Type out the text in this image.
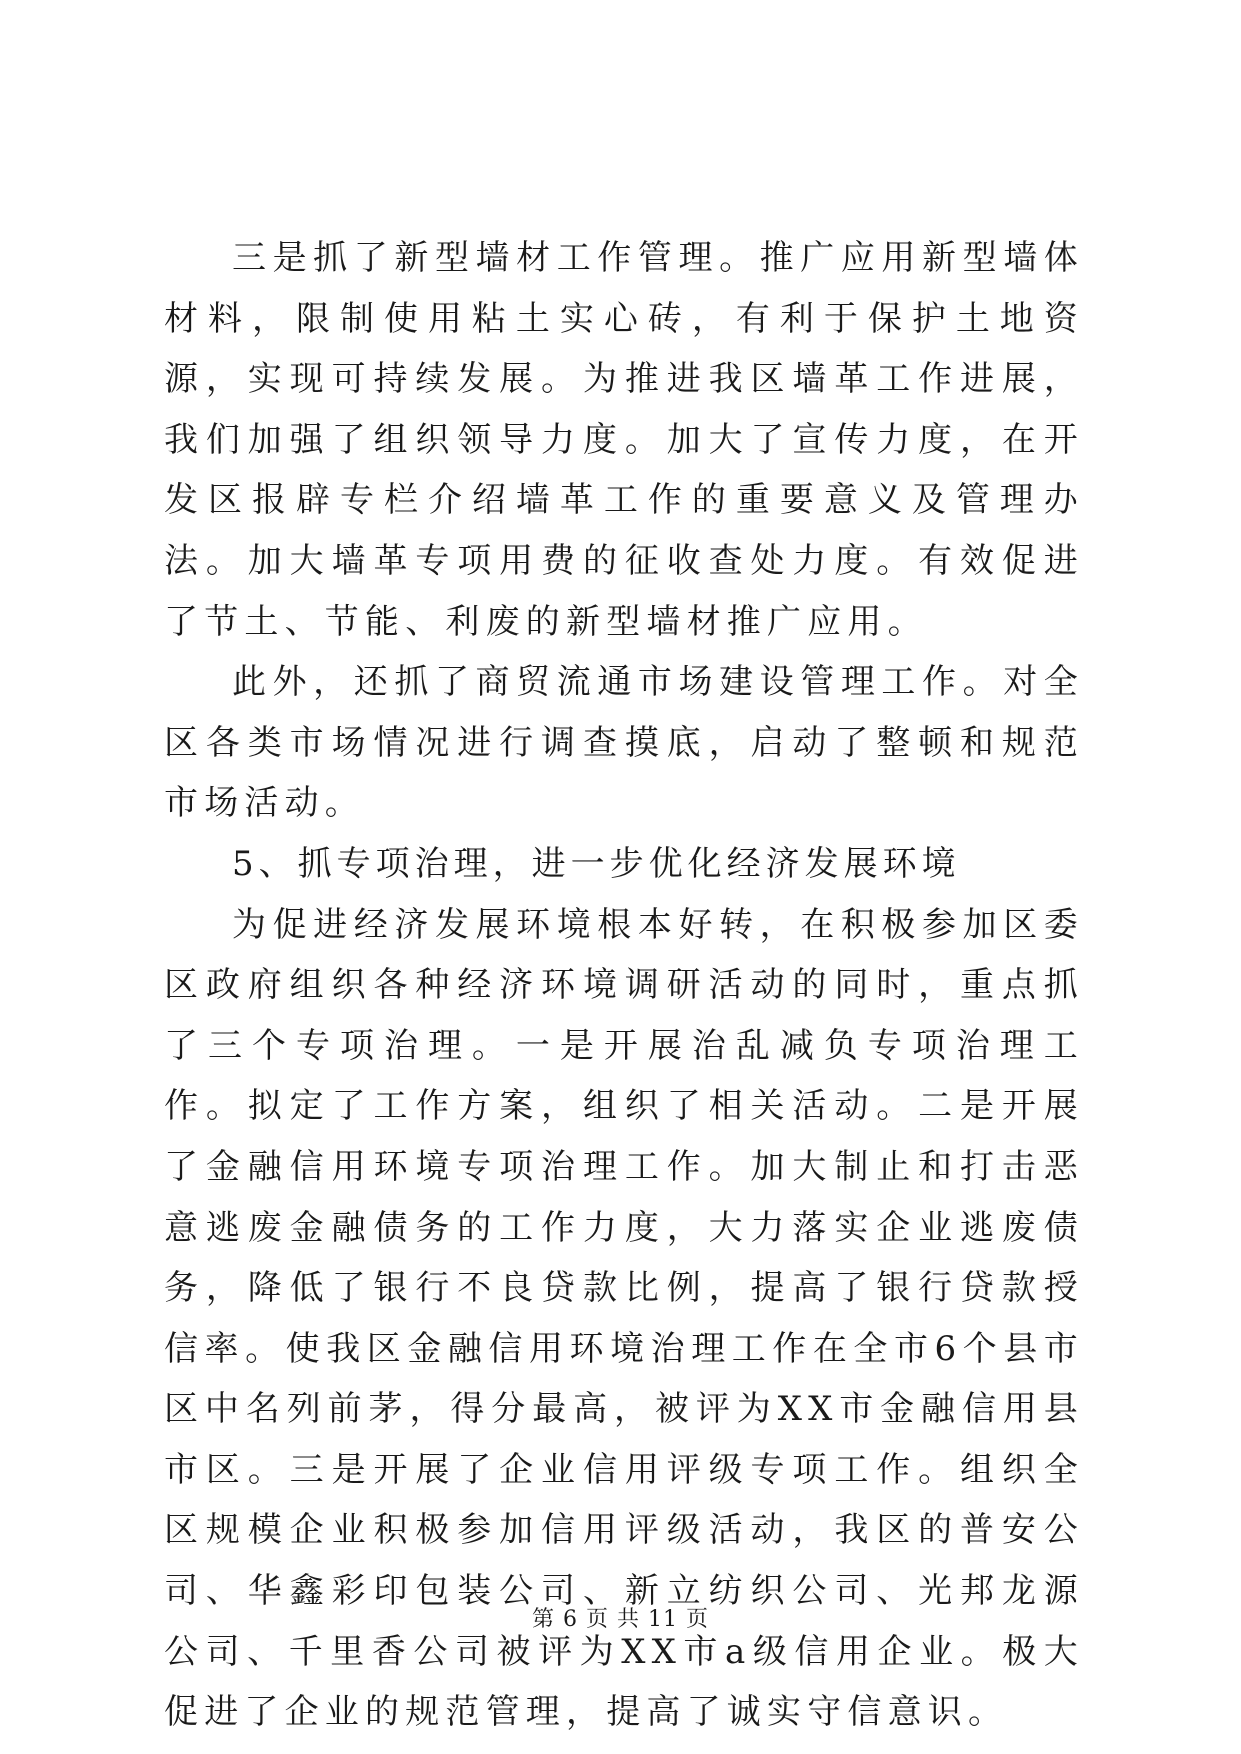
三是抓了新型墙材工作管理。推广应用新型墙体材料，限制使用粘土实心砖，有利于保护土地资源，实现可持续发展。为推进我区墙革工作进展，我们加强了组织领导力度。加大了宣传力度，在开发区报辟专栏介绍墙革工作的重要意义及管理办法。加大墙革专项用费的征收查处力度。有效促进了节土、节能、利废的新型墙材推广应用。

此外，还抓了商贸流通市场建设管理工作。对全区各类市场情况进行调查摸底，启动了整顿和规范市场活动。

5、抓专项治理，进一步优化经济发展环境

为促进经济发展环境根本好转，在积极参加区委区政府组织各种经济环境调研活动的同时，重点抓了三个专项治理。一是开展治乱减负专项治理工作。拟定了工作方案，组织了相关活动。二是开展了金融信用环境专项治理工作。加大制止和打击恶意逃废金融债务的工作力度，大力落实企业逃废债务，降低了银行不良贷款比例，提高了银行贷款授信率。使我区金融信用环境治理工作在全市6个县市区中名列前茅，得分最高，被评为XX市金融信用县市区。三是开展了企业信用评级专项工作。组织全区规模企业积极参加信用评级活动，我区的普安公司、华鑫彩印包装公司、新立纺织公司、光邦龙源公司、千里香公司被评为XX市a级信用企业。极大促进了企业的规范管理，提高了诚实守信意识。

第 6 页 共 11 页
